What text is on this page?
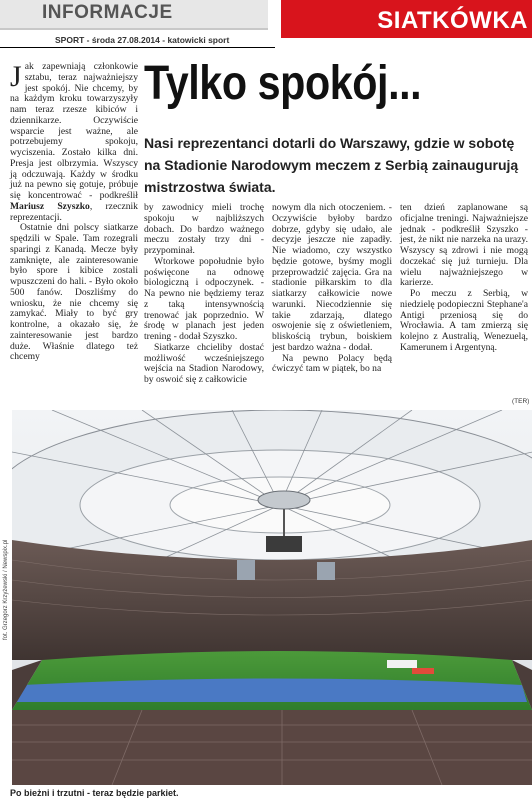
INFORMACJE	SIATKÓWKA
SPORT - środa 27.08.2014 - katowicki sport
Tylko spokój...
Nasi reprezentanci dotarli do Warszawy, gdzie w sobotę na Stadionie Narodowym meczem z Serbią zainaugurują mistrzostwa świata.

Jak zapewniają członkowie sztabu, teraz najważniejszy jest spokój. Nie chcemy, by na każdym kroku towarzyszyły nam teraz rzesze kibiców i dziennikarze. Oczywiście wsparcie jest ważne, ale potrzebujemy spokoju, wyciszenia. Zostało kilka dni. Presja jest olbrzymia. Wszyscy ją odczuwają. Każdy w środku już na pewno się gotuje, próbuje się koncentrować - podkreślił Mariusz Szyszko, rzecznik reprezentacji.

Ostatnie dni polscy siatkarze spędzili w Spale. Tam rozegrali sparingi z Kanadą. Mecze były zamknięte, ale zainteresowanie było spore i kibice zostali wpuszczeni do hali. - Było około 500 fanów. Doszliśmy do wniosku, że nie chcemy się zamykać. Miały to być gry kontrolne, a okazało się, że zainteresowanie jest bardzo duże. Właśnie dlatego też chcemy

by zawodnicy mieli trochę spokoju w najbliższych dobach. Do bardzo ważnego meczu zostały trzy dni - przypominał.

Wtorkowe popołudnie było poświęcone na odnowę biologiczną i odpoczynek. - Na pewno nie będziemy teraz z taką intensywnością trenować jak poprzednio. W środę w planach jest jeden trening - dodał Szyszko.

Siatkarze chcieliby dostać możliwość wcześniejszego wejścia na Stadion Narodowy, by oswoić się z całkowicie

nowym dla nich otoczeniem. - Oczywiście byłoby bardzo dobrze, gdyby się udało, ale decyzje jeszcze nie zapadły. Nie wiadomo, czy wszystko będzie gotowe, byśmy mogli przeprowadzić zajęcia. Gra na stadionie piłkarskim to dla siatkarzy całkowicie nowe warunki. Niecodziennie się takie zdarzają, dlatego oswojenie się z oświetleniem, bliskością trybun, boiskiem jest bardzo ważna - dodał.

Na pewno Polacy będą ćwiczyć tam w piątek, bo na

ten dzień zaplanowane są oficjalne treningi. Najważniejsze jednak - podkreślił Szyszko - jest, że nikt nie narzeka na urazy. Wszyscy są zdrowi i nie mogą doczekać się już turnieju. Dla wielu najważniejszego w karierze.

Po meczu z Serbią, w niedzielę podopieczni Stephane'a Antigi przeniosą się do Wrocławia. A tam zmierzą się kolejno z Australią, Wenezuelą, Kamerunem i Argentyną.

(TER)
fot. Grzegorz Krzyżewski / Newspix.pl
Po bieżni i trzutni - teraz będzie parkiet.
